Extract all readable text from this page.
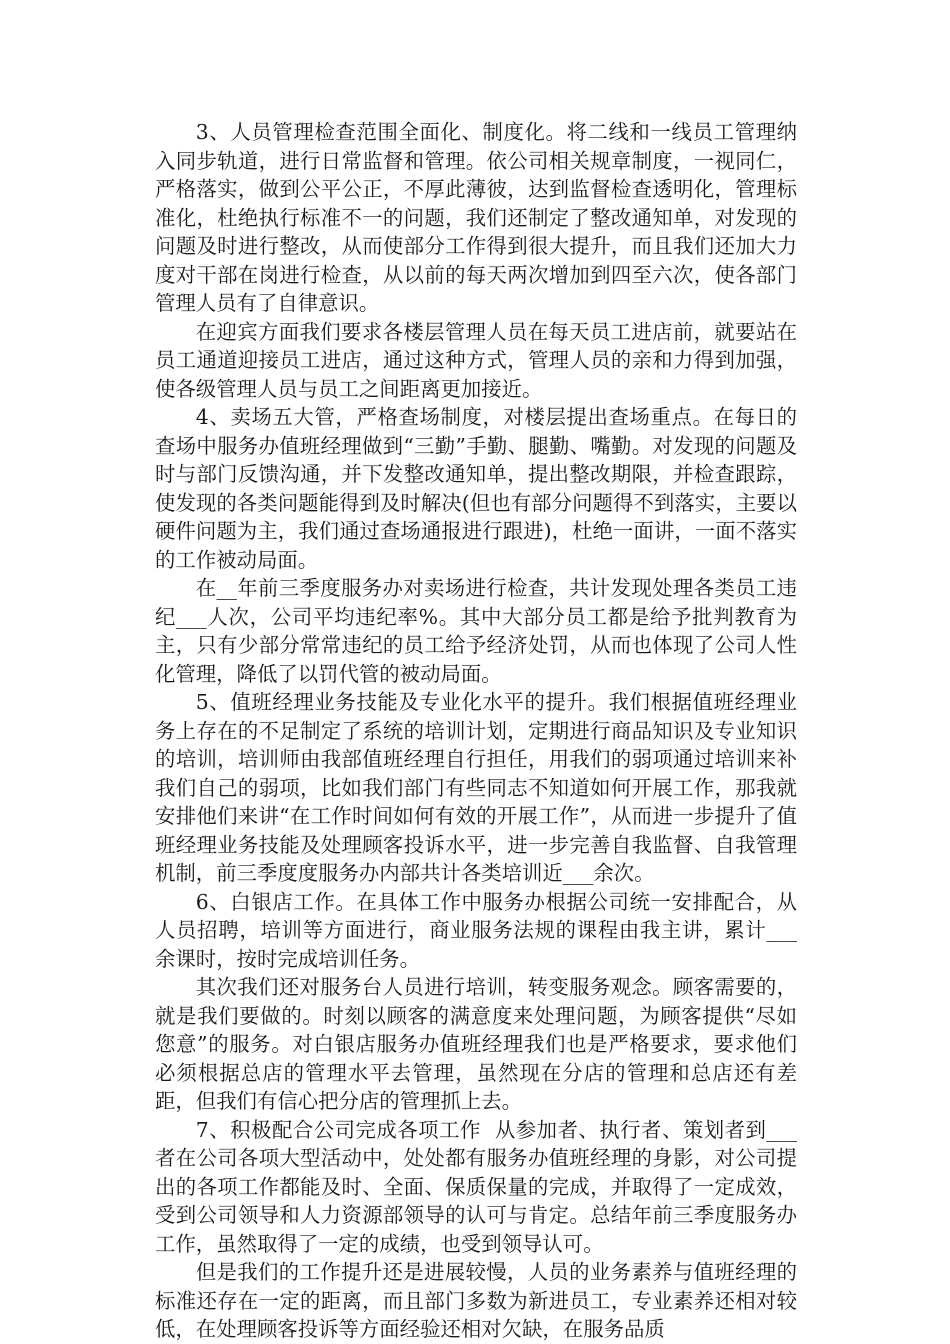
3、人员管理检查范围全面化、制度化。将二线和一线员工管理纳入同步轨道，进行日常监督和管理。依公司相关规章制度，一视同仁，严格落实，做到公平公正，不厚此薄彼，达到监督检查透明化，管理标准化，杜绝执行标准不一的问题，我们还制定了整改通知单，对发现的问题及时进行整改，从而使部分工作得到很大提升，而且我们还加大力度对干部在岗进行检查，从以前的每天两次增加到四至六次，使各部门管理人员有了自律意识。

在迎宾方面我们要求各楼层管理人员在每天员工进店前，就要站在员工通道迎接员工进店，通过这种方式，管理人员的亲和力得到加强，使各级管理人员与员工之间距离更加接近。

4、卖场五大管，严格查场制度，对楼层提出查场重点。在每日的查场中服务办值班经理做到“三勤”手勤、腿勤、嘴勤。对发现的问题及时与部门反馈沟通，并下发整改通知单，提出整改期限，并检查跟踪，使发现的各类问题能得到及时解决(但也有部分问题得不到落实，主要以硬件问题为主，我们通过查场通报进行跟进)，杜绝一面讲，一面不落实的工作被动局面。

在__年前三季度服务办对卖场进行检查，共计发现处理各类员工违纪___人次，公司平均违纪率%。其中大部分员工都是给予批判教育为主，只有少部分常常违纪的员工给予经济处罚，从而也体现了公司人性化管理，降低了以罚代管的被动局面。

5、值班经理业务技能及专业化水平的提升。我们根据值班经理业务上存在的不足制定了系统的培训计划，定期进行商品知识及专业知识的培训，培训师由我部值班经理自行担任，用我们的弱项通过培训来补我们自己的弱项，比如我们部门有些同志不知道如何开展工作，那我就安排他们来讲“在工作时间如何有效的开展工作”，从而进一步提升了值班经理业务技能及处理顾客投诉水平，进一步完善自我监督、自我管理机制，前三季度度服务办内部共计各类培训近___余次。

6、白银店工作。在具体工作中服务办根据公司统一安排配合，从人员招聘，培训等方面进行，商业服务法规的课程由我主讲，累计___余课时，按时完成培训任务。

其次我们还对服务台人员进行培训，转变服务观念。顾客需要的，就是我们要做的。时刻以顾客的满意度来处理问题，为顾客提供“尽如您意”的服务。对白银店服务办值班经理我们也是严格要求，要求他们必须根据总店的管理水平去管理，虽然现在分店的管理和总店还有差距，但我们有信心把分店的管理抓上去。

7、积极配合公司完成各项工作  从参加者、执行者、策划者到___者在公司各项大型活动中，处处都有服务办值班经理的身影，对公司提出的各项工作都能及时、全面、保质保量的完成，并取得了一定成效，受到公司领导和人力资源部领导的认可与肯定。总结年前三季度服务办工作，虽然取得了一定的成绩，也受到领导认可。

但是我们的工作提升还是进展较慢，人员的业务素养与值班经理的标准还存在一定的距离，而且部门多数为新进员工，专业素养还相对较低，在处理顾客投诉等方面经验还相对欠缺，在服务品质
